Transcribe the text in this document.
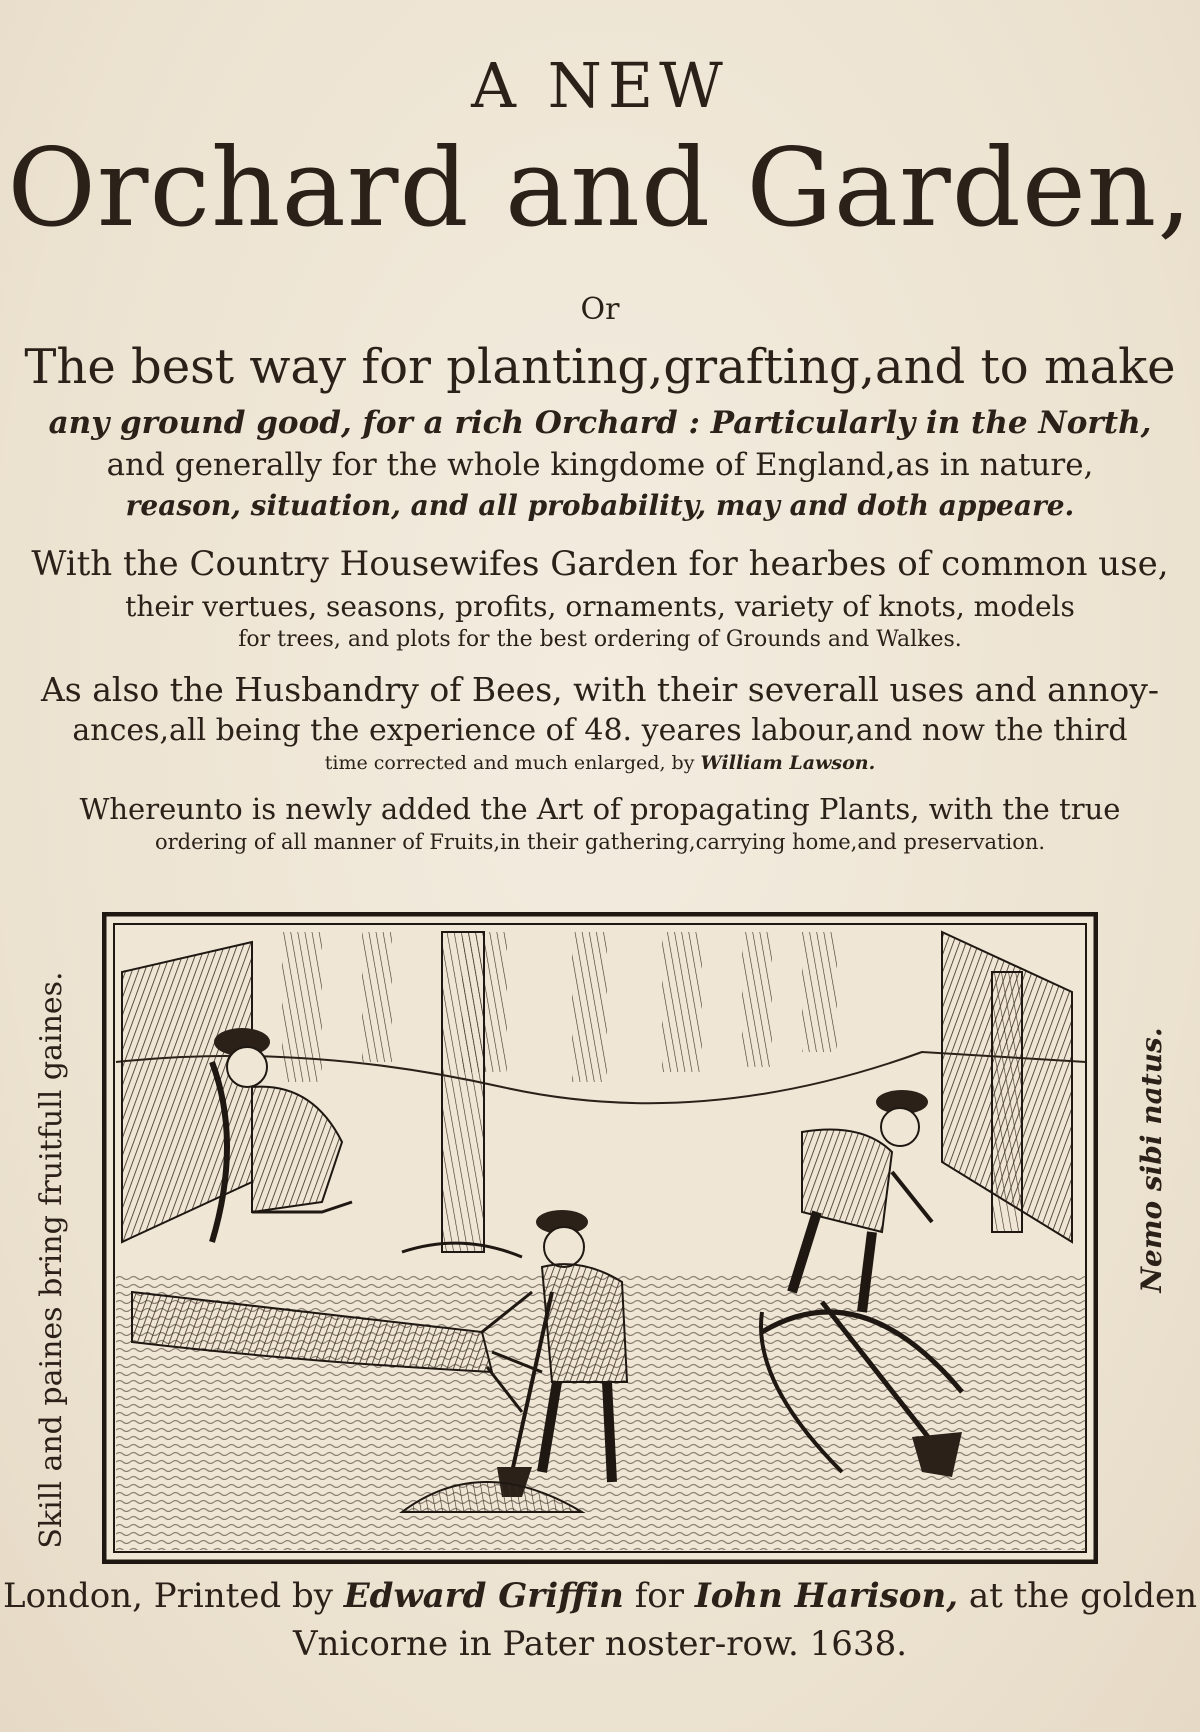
A NEW
Orchard and Garden,
Or
The best way for planting,grafting,and to make
any ground good, for a rich Orchard : Particularly in the North,
and generally for the whole kingdome of England,as in nature,
reason, situation, and all probability, may and doth appeare.
With the Country Housewifes Garden for hearbes of common use,
their vertues, seasons, profits, ornaments, variety of knots, models
for trees, and plots for the best ordering of Grounds and Walkes.
As also the Husbandry of Bees, with their severall uses and annoy-
ances,all being the experience of 48. yeares labour,and now the third
time corrected and much enlarged, by William Lawson.
Whereunto is newly added the Art of propagating Plants, with the true
ordering of all manner of Fruits,in their gathering,carrying home,and preservation.
Skill and paines bring fruitfull gaines.	Nemo sibi natus.
London, Printed by Edward Griffin for Iohn Harison, at the golden
Vnicorne in Pater noster-row. 1638.
